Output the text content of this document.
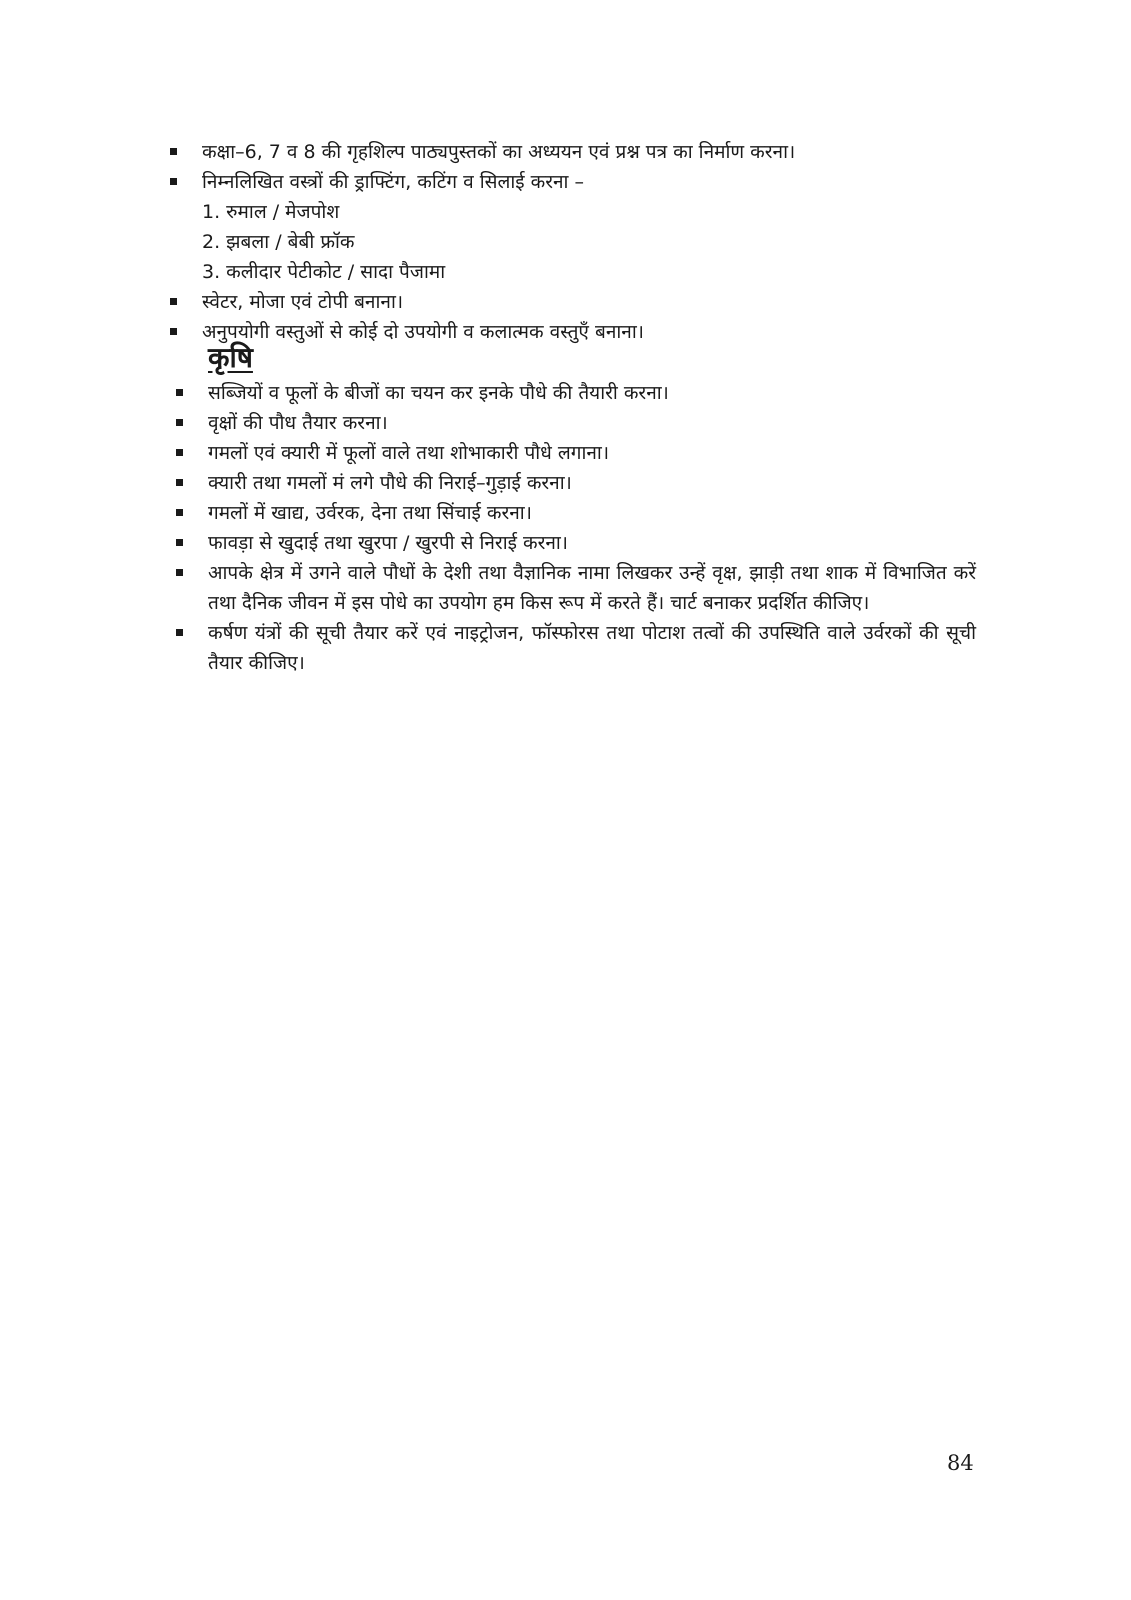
कक्षा–6, 7 व 8 की गृहशिल्प पाठ्यपुस्तकों का अध्ययन एवं प्रश्न पत्र का निर्माण करना।
निम्नलिखित वस्त्रों की ड्राफ्टिंग, कटिंग व सिलाई करना –
1. रुमाल / मेजपोश
2. झबला / बेबी फ्रॉक
3. कलीदार पेटीकोट / सादा पैजामा
स्वेटर, मोजा एवं टोपी बनाना।
अनुपयोगी वस्तुओं से कोई दो उपयोगी व कलात्मक वस्तुएँ बनाना।
कृषि
सब्जियों व फूलों के बीजों का चयन कर इनके पौधे की तैयारी करना।
वृक्षों की पौध तैयार करना।
गमलों एवं क्यारी में फूलों वाले तथा शोभाकारी पौधे लगाना।
क्यारी तथा गमलों मं लगे पौधे की निराई–गुड़ाई करना।
गमलों में खाद्य, उर्वरक, देना तथा सिंचाई करना।
फावड़ा से खुदाई तथा खुरपा / खुरपी से निराई करना।
आपके क्षेत्र में उगने वाले पौधों के देशी तथा वैज्ञानिक नामा लिखकर उन्हें वृक्ष, झाड़ी तथा शाक में विभाजित करें तथा दैनिक जीवन में इस पोधे का उपयोग हम किस रूप में करते हैं। चार्ट बनाकर प्रदर्शित कीजिए।
कर्षण यंत्रों की सूची तैयार करें एवं नाइट्रोजन, फॉस्फोरस तथा पोटाश तत्वों की उपस्थिति वाले उर्वरकों की सूची तैयार कीजिए।
84
